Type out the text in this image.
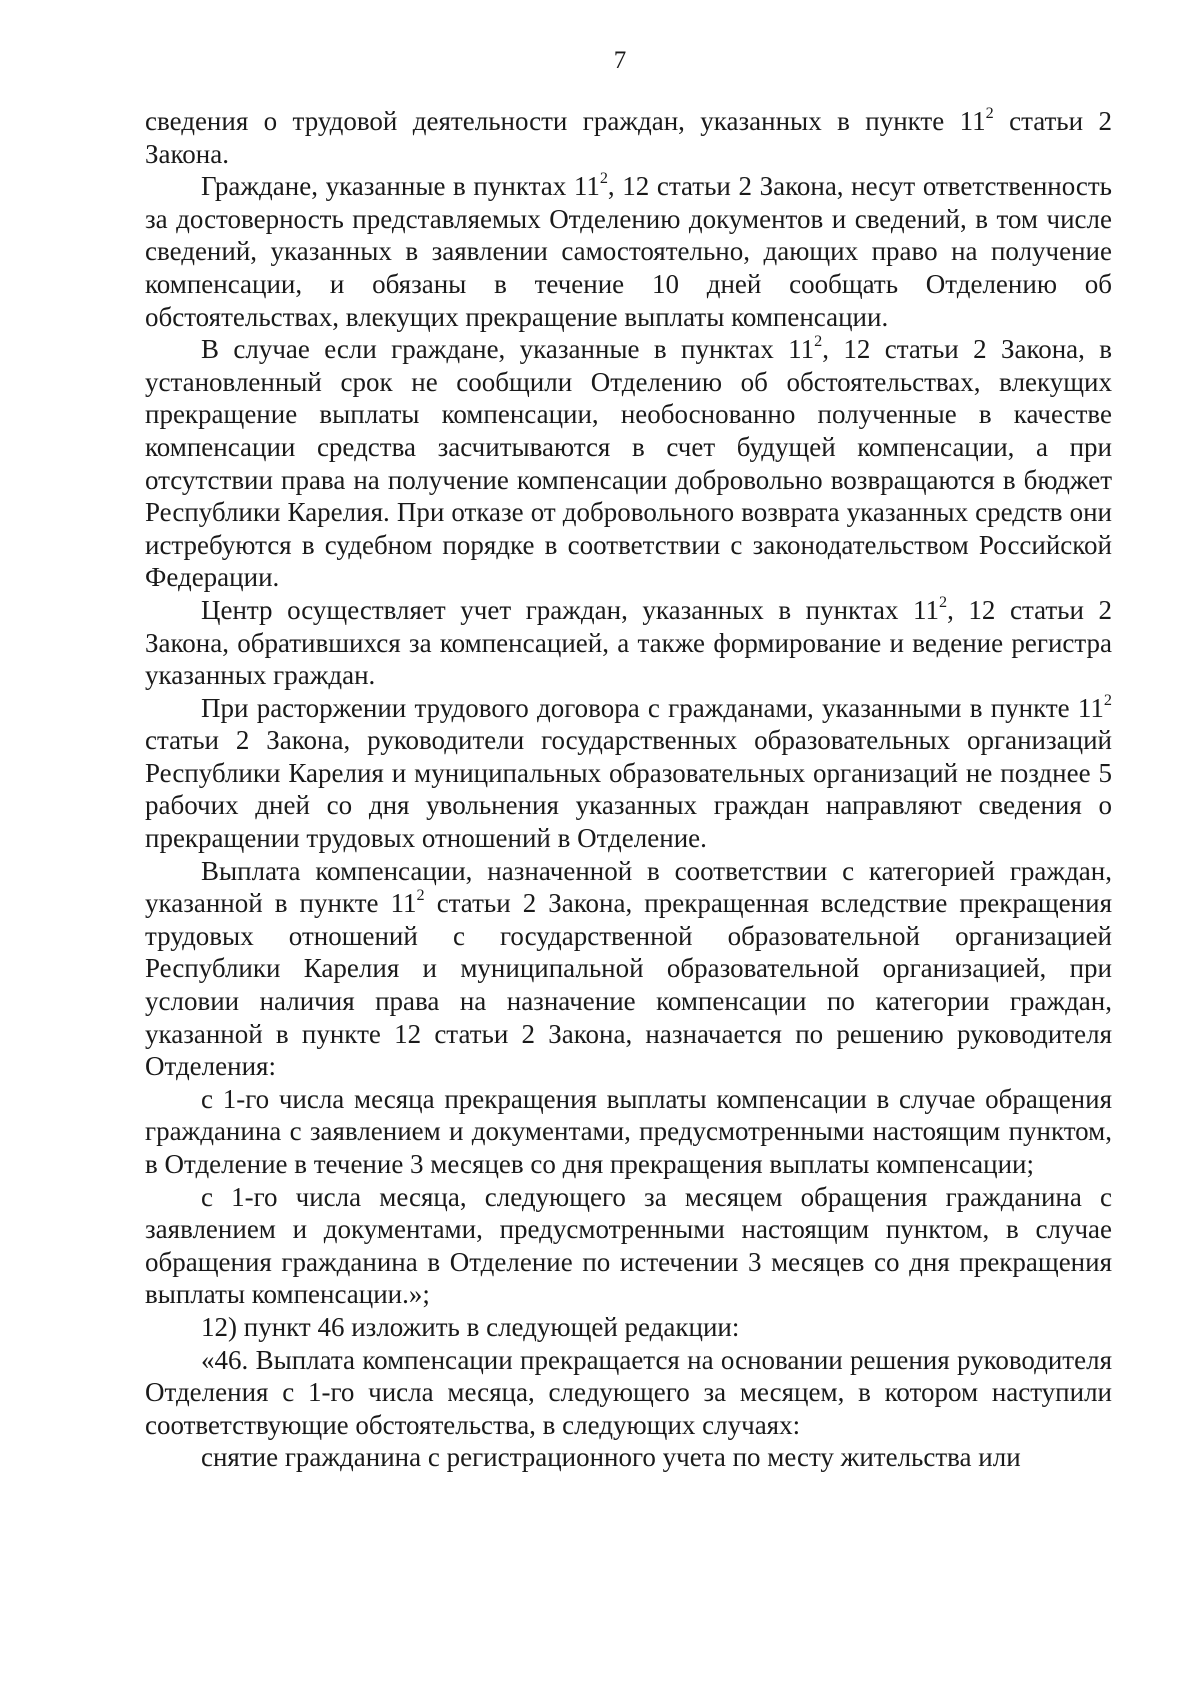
7

сведения о трудовой деятельности граждан, указанных в пункте $11^2$ статьи 2 Закона.

Граждане, указанные в пунктах $11^2$, 12 статьи 2 Закона, несут ответственность за достоверность представляемых Отделению документов и сведений, в том числе сведений, указанных в заявлении самостоятельно, дающих право на получение компенсации, и обязаны в течение 10 дней сообщать Отделению об обстоятельствах, влекущих прекращение выплаты компенсации.

В случае если граждане, указанные в пунктах $11^2$, 12 статьи 2 Закона, в установленный срок не сообщили Отделению об обстоятельствах, влекущих прекращение выплаты компенсации, необоснованно полученные в качестве компенсации средства засчитываются в счет будущей компенсации, а при отсутствии права на получение компенсации добровольно возвращаются в бюджет Республики Карелия. При отказе от добровольного возврата указанных средств они истребуются в судебном порядке в соответствии с законодательством Российской Федерации.

Центр осуществляет учет граждан, указанных в пунктах $11^2$, 12 статьи 2 Закона, обратившихся за компенсацией, а также формирование и ведение регистра указанных граждан.

При расторжении трудового договора с гражданами, указанными в пункте $11^2$ статьи 2 Закона, руководители государственных образовательных организаций Республики Карелия и муниципальных образовательных организаций не позднее 5 рабочих дней со дня увольнения указанных граждан направляют сведения о прекращении трудовых отношений в Отделение.

Выплата компенсации, назначенной в соответствии с категорией граждан, указанной в пункте $11^2$ статьи 2 Закона, прекращенная вследствие прекращения трудовых отношений с государственной образовательной организацией Республики Карелия и муниципальной образовательной организацией, при условии наличия права на назначение компенсации по категории граждан, указанной в пункте 12 статьи 2 Закона, назначается по решению руководителя Отделения:

с 1-го числа месяца прекращения выплаты компенсации в случае обращения гражданина с заявлением и документами, предусмотренными настоящим пунктом, в Отделение в течение 3 месяцев со дня прекращения выплаты компенсации;

с 1-го числа месяца, следующего за месяцем обращения гражданина с заявлением и документами, предусмотренными настоящим пунктом, в случае обращения гражданина в Отделение по истечении 3 месяцев со дня прекращения выплаты компенсации.»;

12) пункт 46 изложить в следующей редакции:

«46. Выплата компенсации прекращается на основании решения руководителя Отделения с 1-го числа месяца, следующего за месяцем, в котором наступили соответствующие обстоятельства, в следующих случаях:

снятие гражданина с регистрационного учета по месту жительства или
